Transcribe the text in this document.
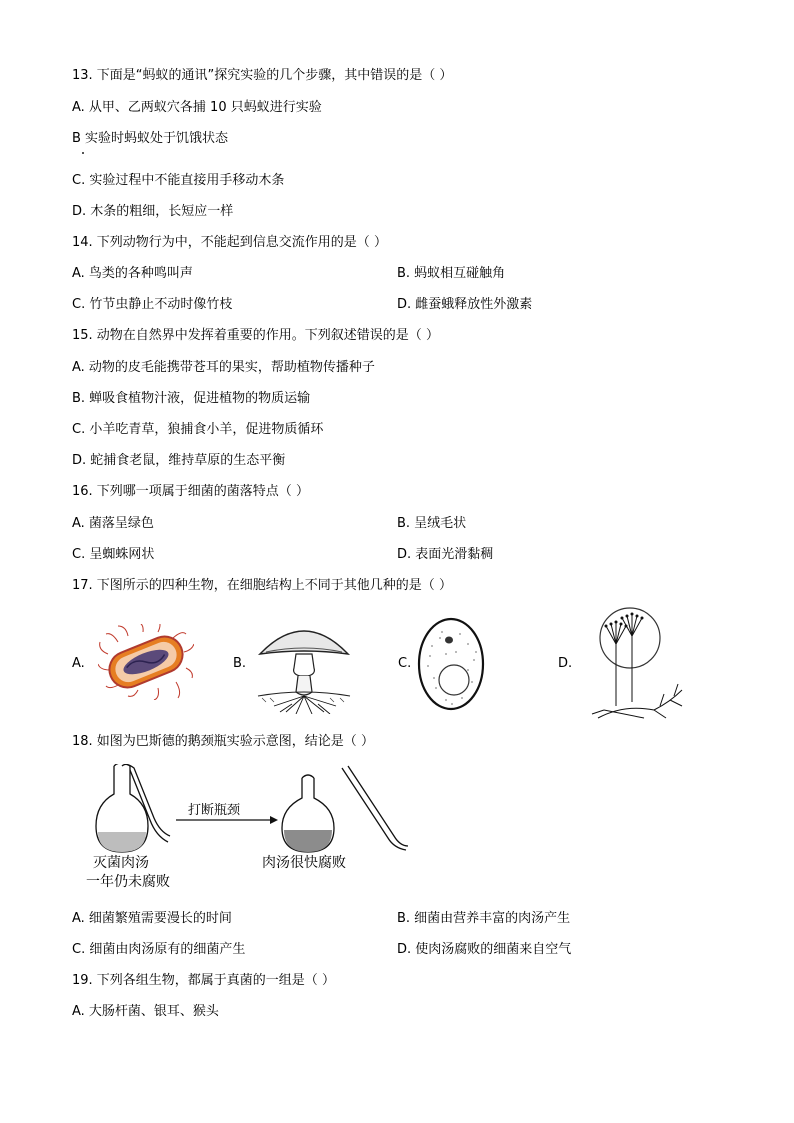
13. 下面是“蚂蚁的通讯”探究实验的几个步骤，其中错误的是（ ）
A. 从甲、乙两蚁穴各捕 10 只蚂蚁进行实验
B 实验时蚂蚁处于饥饿状态
C. 实验过程中不能直接用手移动木条
D. 木条的粗细，长短应一样
14. 下列动物行为中，不能起到信息交流作用的是（ ）
A. 鸟类的各种鸣叫声	B. 蚂蚁相互碰触角
C. 竹节虫静止不动时像竹枝	D. 雌蚕蛾释放性外激素
15. 动物在自然界中发挥着重要的作用。下列叙述错误的是（ ）
A. 动物的皮毛能携带苍耳的果实，帮助植物传播种子
B. 蝉吸食植物汁液，促进植物的物质运输
C. 小羊吃青草，狼捕食小羊，促进物质循环
D. 蛇捕食老鼠，维持草原的生态平衡
16. 下列哪一项属于细菌的菌落特点（ ）
A. 菌落呈绿色	B. 呈绒毛状
C. 呈蜘蛛网状	D. 表面光滑黏稠
17. 下图所示的四种生物，在细胞结构上不同于其他几种的是（ ）
A.	B.	C.	D.
18. 如图为巴斯德的鹅颈瓶实验示意图，结论是（ ）
打断瓶颈
灭菌肉汤
一年仍未腐败
肉汤很快腐败
A. 细菌繁殖需要漫长的时间	B. 细菌由营养丰富的肉汤产生
C. 细菌由肉汤原有的细菌产生	D. 使肉汤腐败的细菌来自空气
19. 下列各组生物，都属于真菌的一组是（ ）
A. 大肠杆菌、银耳、猴头
